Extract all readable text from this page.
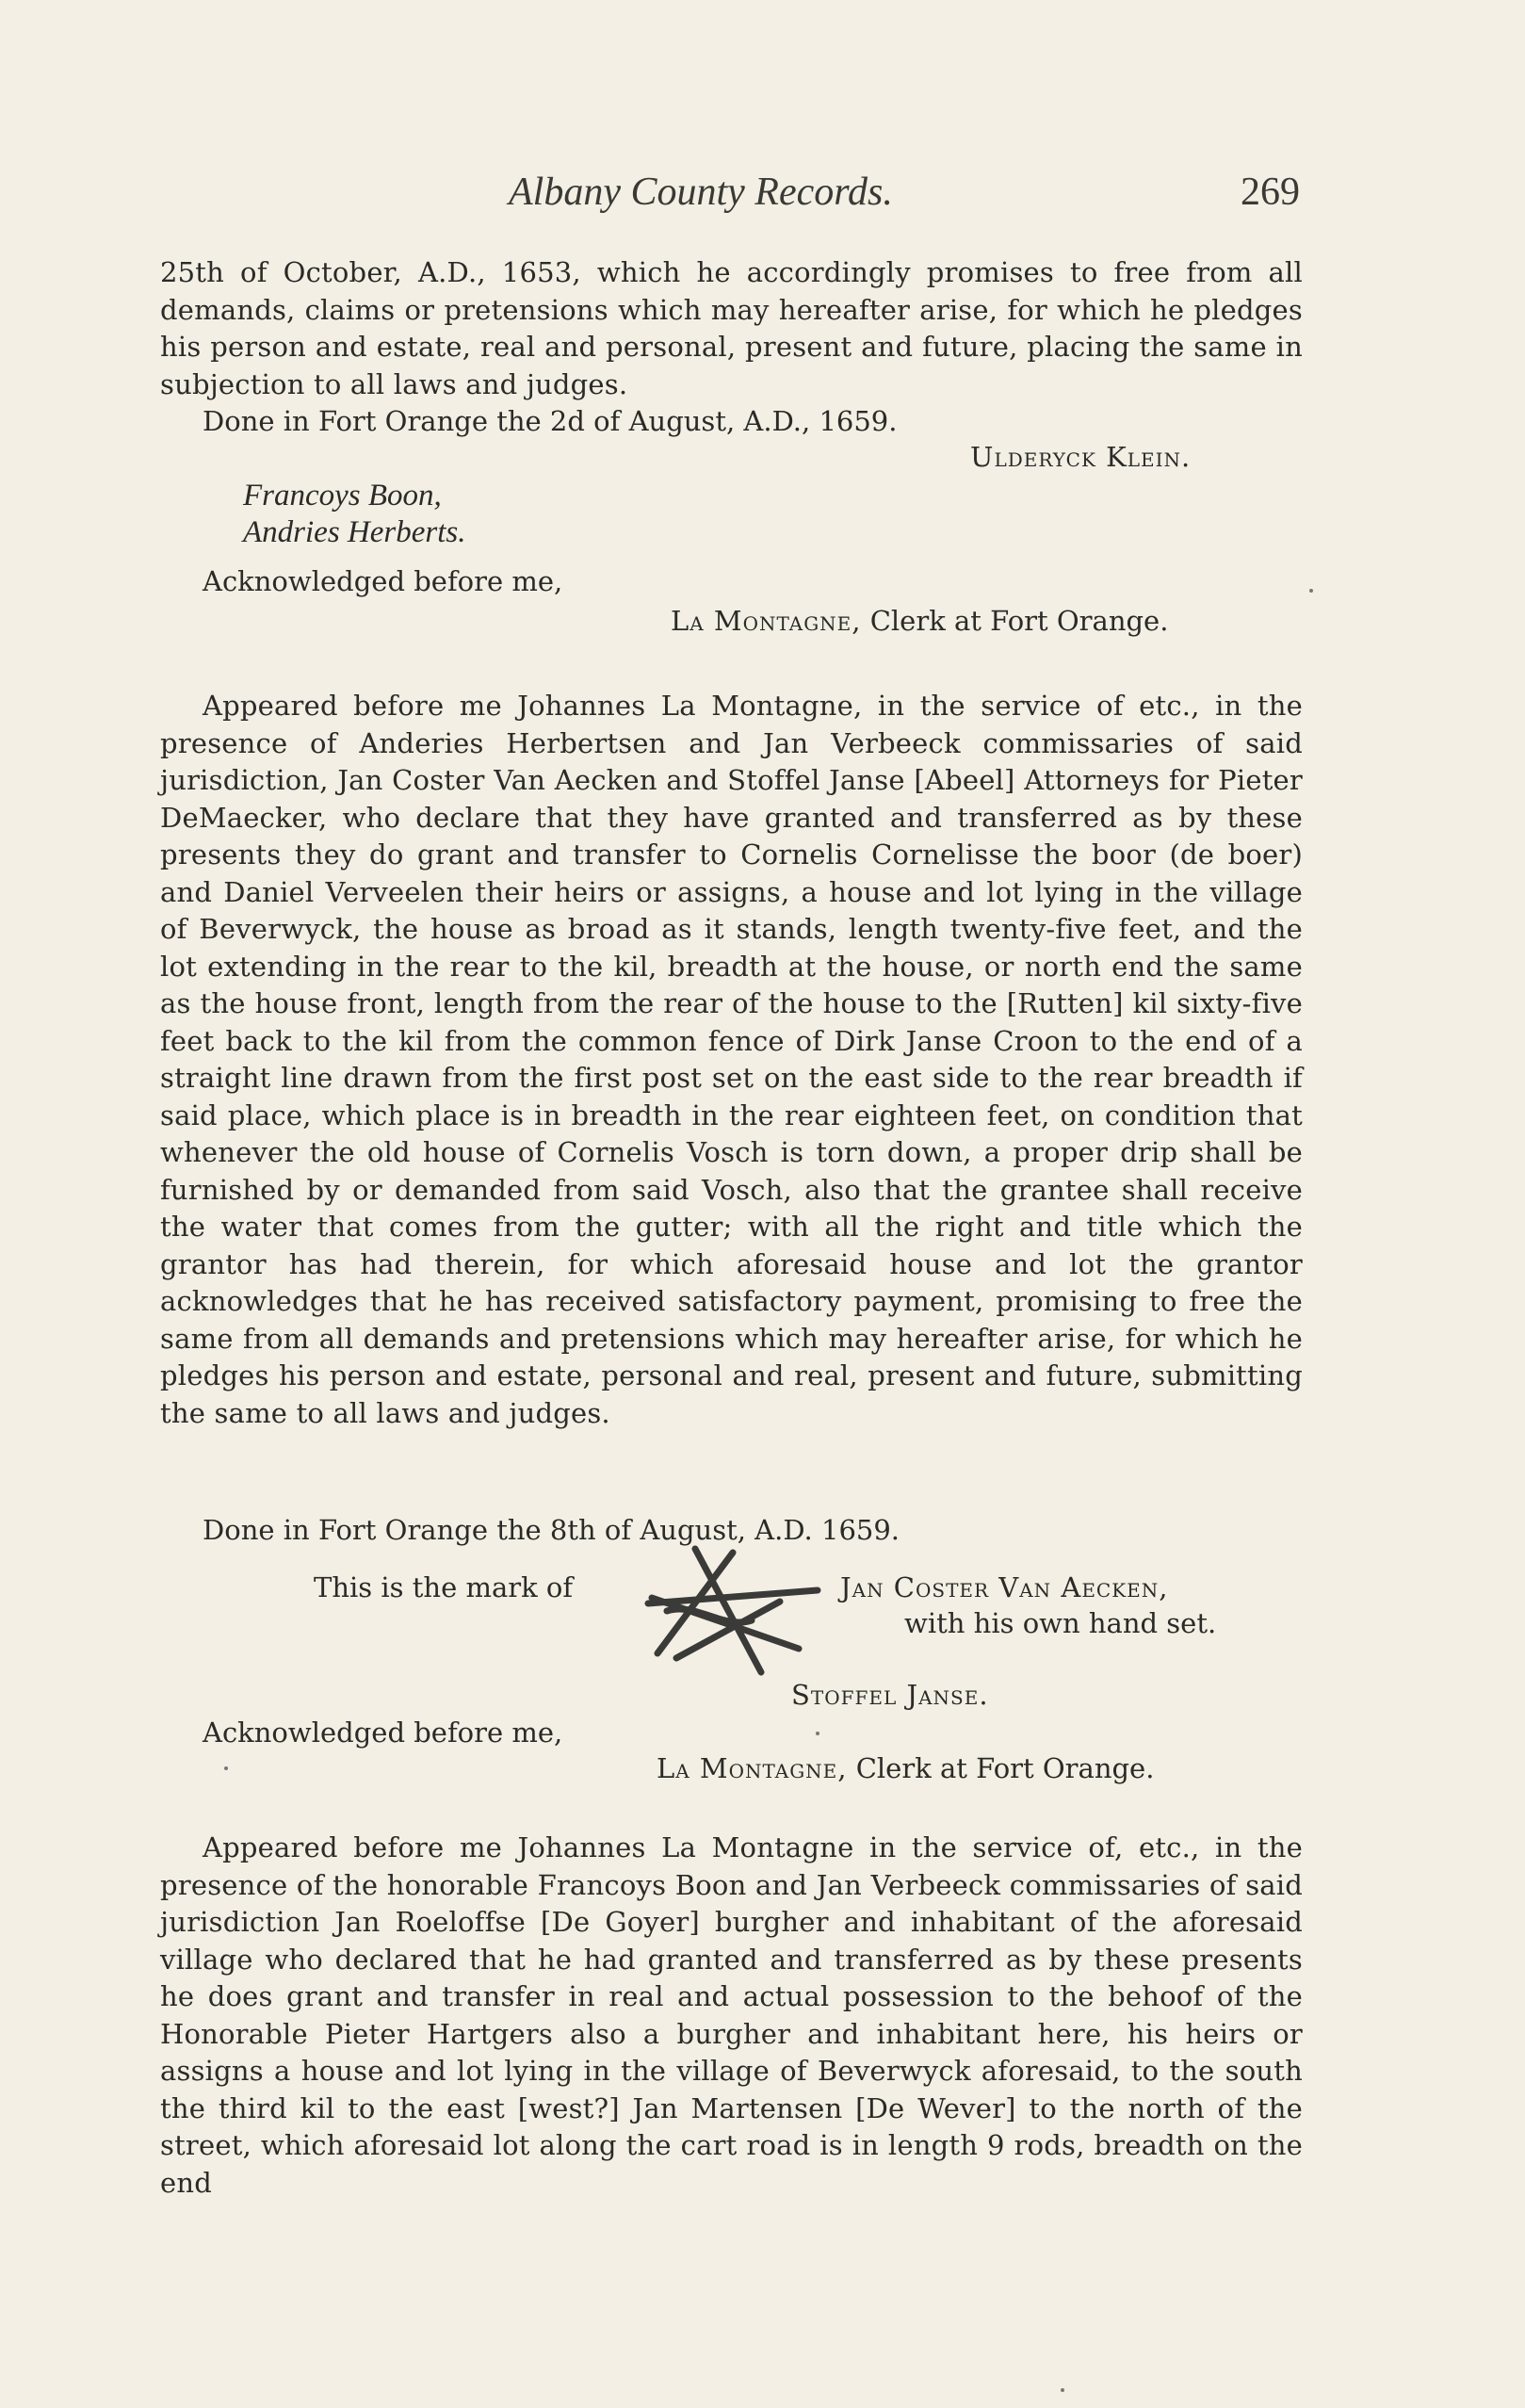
Albany County Records.	269
25th of October, A.D., 1653, which he accordingly promises to free from all demands, claims or pretensions which may hereafter arise, for which he pledges his person and estate, real and personal, present and future, placing the same in subjection to all laws and judges.
Done in Fort Orange the 2d of August, A.D., 1659.
Ulderyck Klein.
Francoys Boon,
Andries Herberts.
Acknowledged before me,
La Montagne, Clerk at Fort Orange.
Appeared before me Johannes La Montagne, in the service of etc., in the presence of Anderies Herbertsen and Jan Verbeeck commissaries of said jurisdiction, Jan Coster Van Aecken and Stoffel Janse [Abeel] Attorneys for Pieter DeMaecker, who declare that they have granted and transferred as by these presents they do grant and transfer to Cornelis Cornelisse the boor (de boer) and Daniel Verveelen their heirs or assigns, a house and lot lying in the village of Beverwyck, the house as broad as it stands, length twenty-five feet, and the lot extending in the rear to the kil, breadth at the house, or north end the same as the house front, length from the rear of the house to the [Rutten] kil sixty-five feet back to the kil from the common fence of Dirk Janse Croon to the end of a straight line drawn from the first post set on the east side to the rear breadth if said place, which place is in breadth in the rear eighteen feet, on condition that whenever the old house of Cornelis Vosch is torn down, a proper drip shall be furnished by or demanded from said Vosch, also that the grantee shall receive the water that comes from the gutter; with all the right and title which the grantor has had therein, for which aforesaid house and lot the grantor acknowledges that he has received satisfactory payment, promising to free the same from all demands and pretensions which may hereafter arise, for which he pledges his person and estate, personal and real, present and future, submitting the same to all laws and judges.
Done in Fort Orange the 8th of August, A.D. 1659.
This is the mark of	Jan Coster Van Aecken,
with his own hand set.
Stoffel Janse.
Acknowledged before me,
La Montagne, Clerk at Fort Orange.
Appeared before me Johannes La Montagne in the service of, etc., in the presence of the honorable Francoys Boon and Jan Verbeeck commissaries of said jurisdiction Jan Roeloffse [De Goyer] burgher and inhabitant of the aforesaid village who declared that he had granted and transferred as by these presents he does grant and transfer in real and actual possession to the behoof of the Honorable Pieter Hartgers also a burgher and inhabitant here, his heirs or assigns a house and lot lying in the village of Beverwyck aforesaid, to the south the third kil to the east [west?] Jan Martensen [De Wever] to the north of the street, which aforesaid lot along the cart road is in length 9 rods, breadth on the end
